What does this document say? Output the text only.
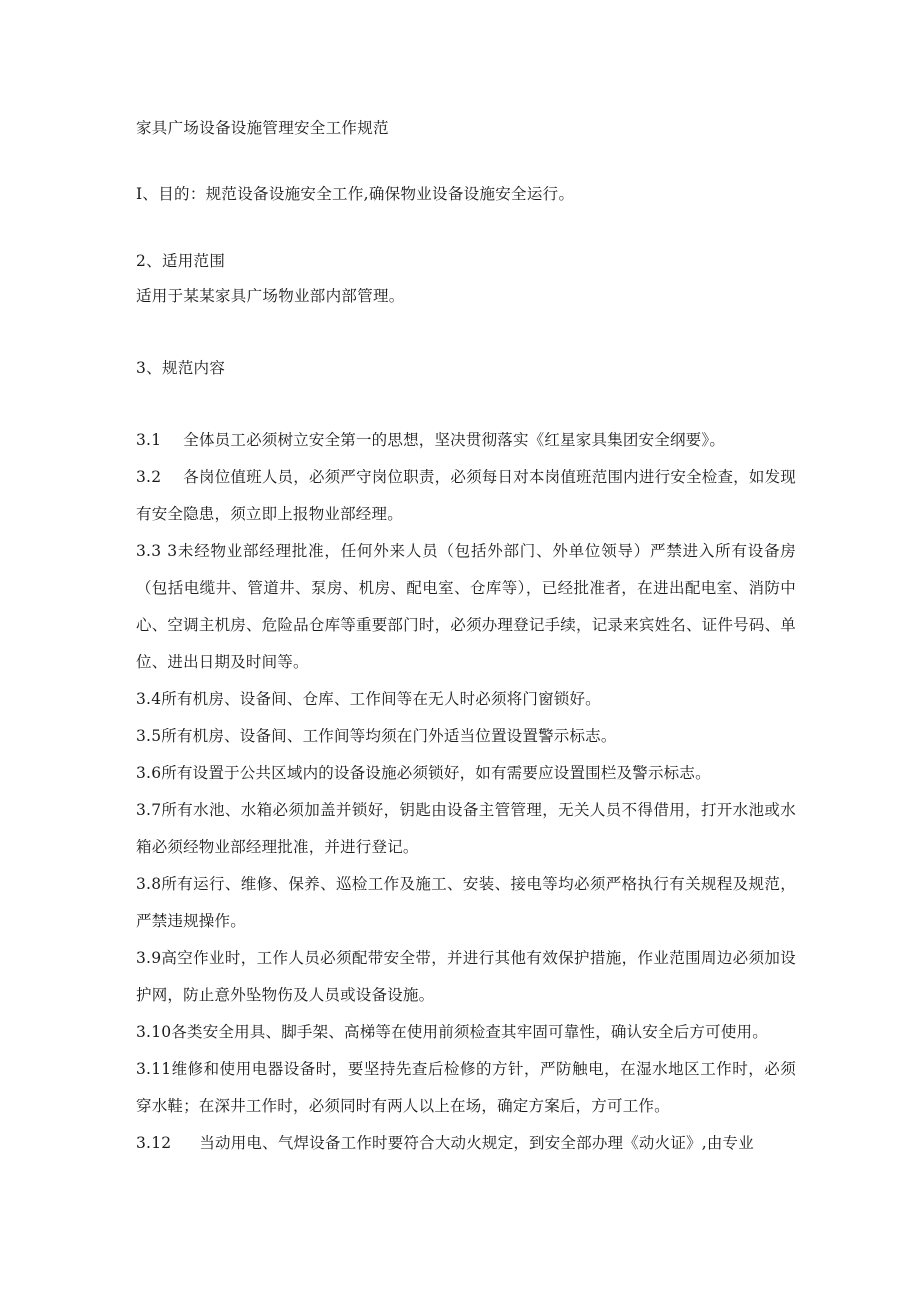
家具广场设备设施管理安全工作规范
I、目的：规范设备设施安全工作,确保物业设备设施安全运行。
2、适用范围
适用于某某家具广场物业部内部管理。
3、规范内容

3.1 全体员工必须树立安全第一的思想，坚决贯彻落实《红星家具集团安全纲要》。

3.2 各岗位值班人员，必须严守岗位职责，必须每日对本岗值班范围内进行安全检查，如发现有安全隐患，须立即上报物业部经理。

3.3 3未经物业部经理批准，任何外来人员（包括外部门、外单位领导）严禁进入所有设备房（包括电缆井、管道井、泵房、机房、配电室、仓库等），已经批准者，在进出配电室、消防中心、空调主机房、危险品仓库等重要部门时，必须办理登记手续，记录来宾姓名、证件号码、单位、进出日期及时间等。

3.4所有机房、设备间、仓库、工作间等在无人时必须将门窗锁好。

3.5所有机房、设备间、工作间等均须在门外适当位置设置警示标志。

3.6所有设置于公共区域内的设备设施必须锁好，如有需要应设置围栏及警示标志。

3.7所有水池、水箱必须加盖并锁好，钥匙由设备主管管理，无关人员不得借用，打开水池或水箱必须经物业部经理批准，并进行登记。

3.8所有运行、维修、保养、巡检工作及施工、安装、接电等均必须严格执行有关规程及规范，严禁违规操作。

3.9高空作业时，工作人员必须配带安全带，并进行其他有效保护措施，作业范围周边必须加设护网，防止意外坠物伤及人员或设备设施。

3.10各类安全用具、脚手架、高梯等在使用前须检查其牢固可靠性，确认安全后方可使用。

3.11维修和使用电器设备时，要坚持先查后检修的方针，严防触电，在湿水地区工作时，必须穿水鞋；在深井工作时，必须同时有两人以上在场，确定方案后，方可工作。

3.12 当动用电、气焊设备工作时要符合大动火规定，到安全部办理《动火证》,由专业
